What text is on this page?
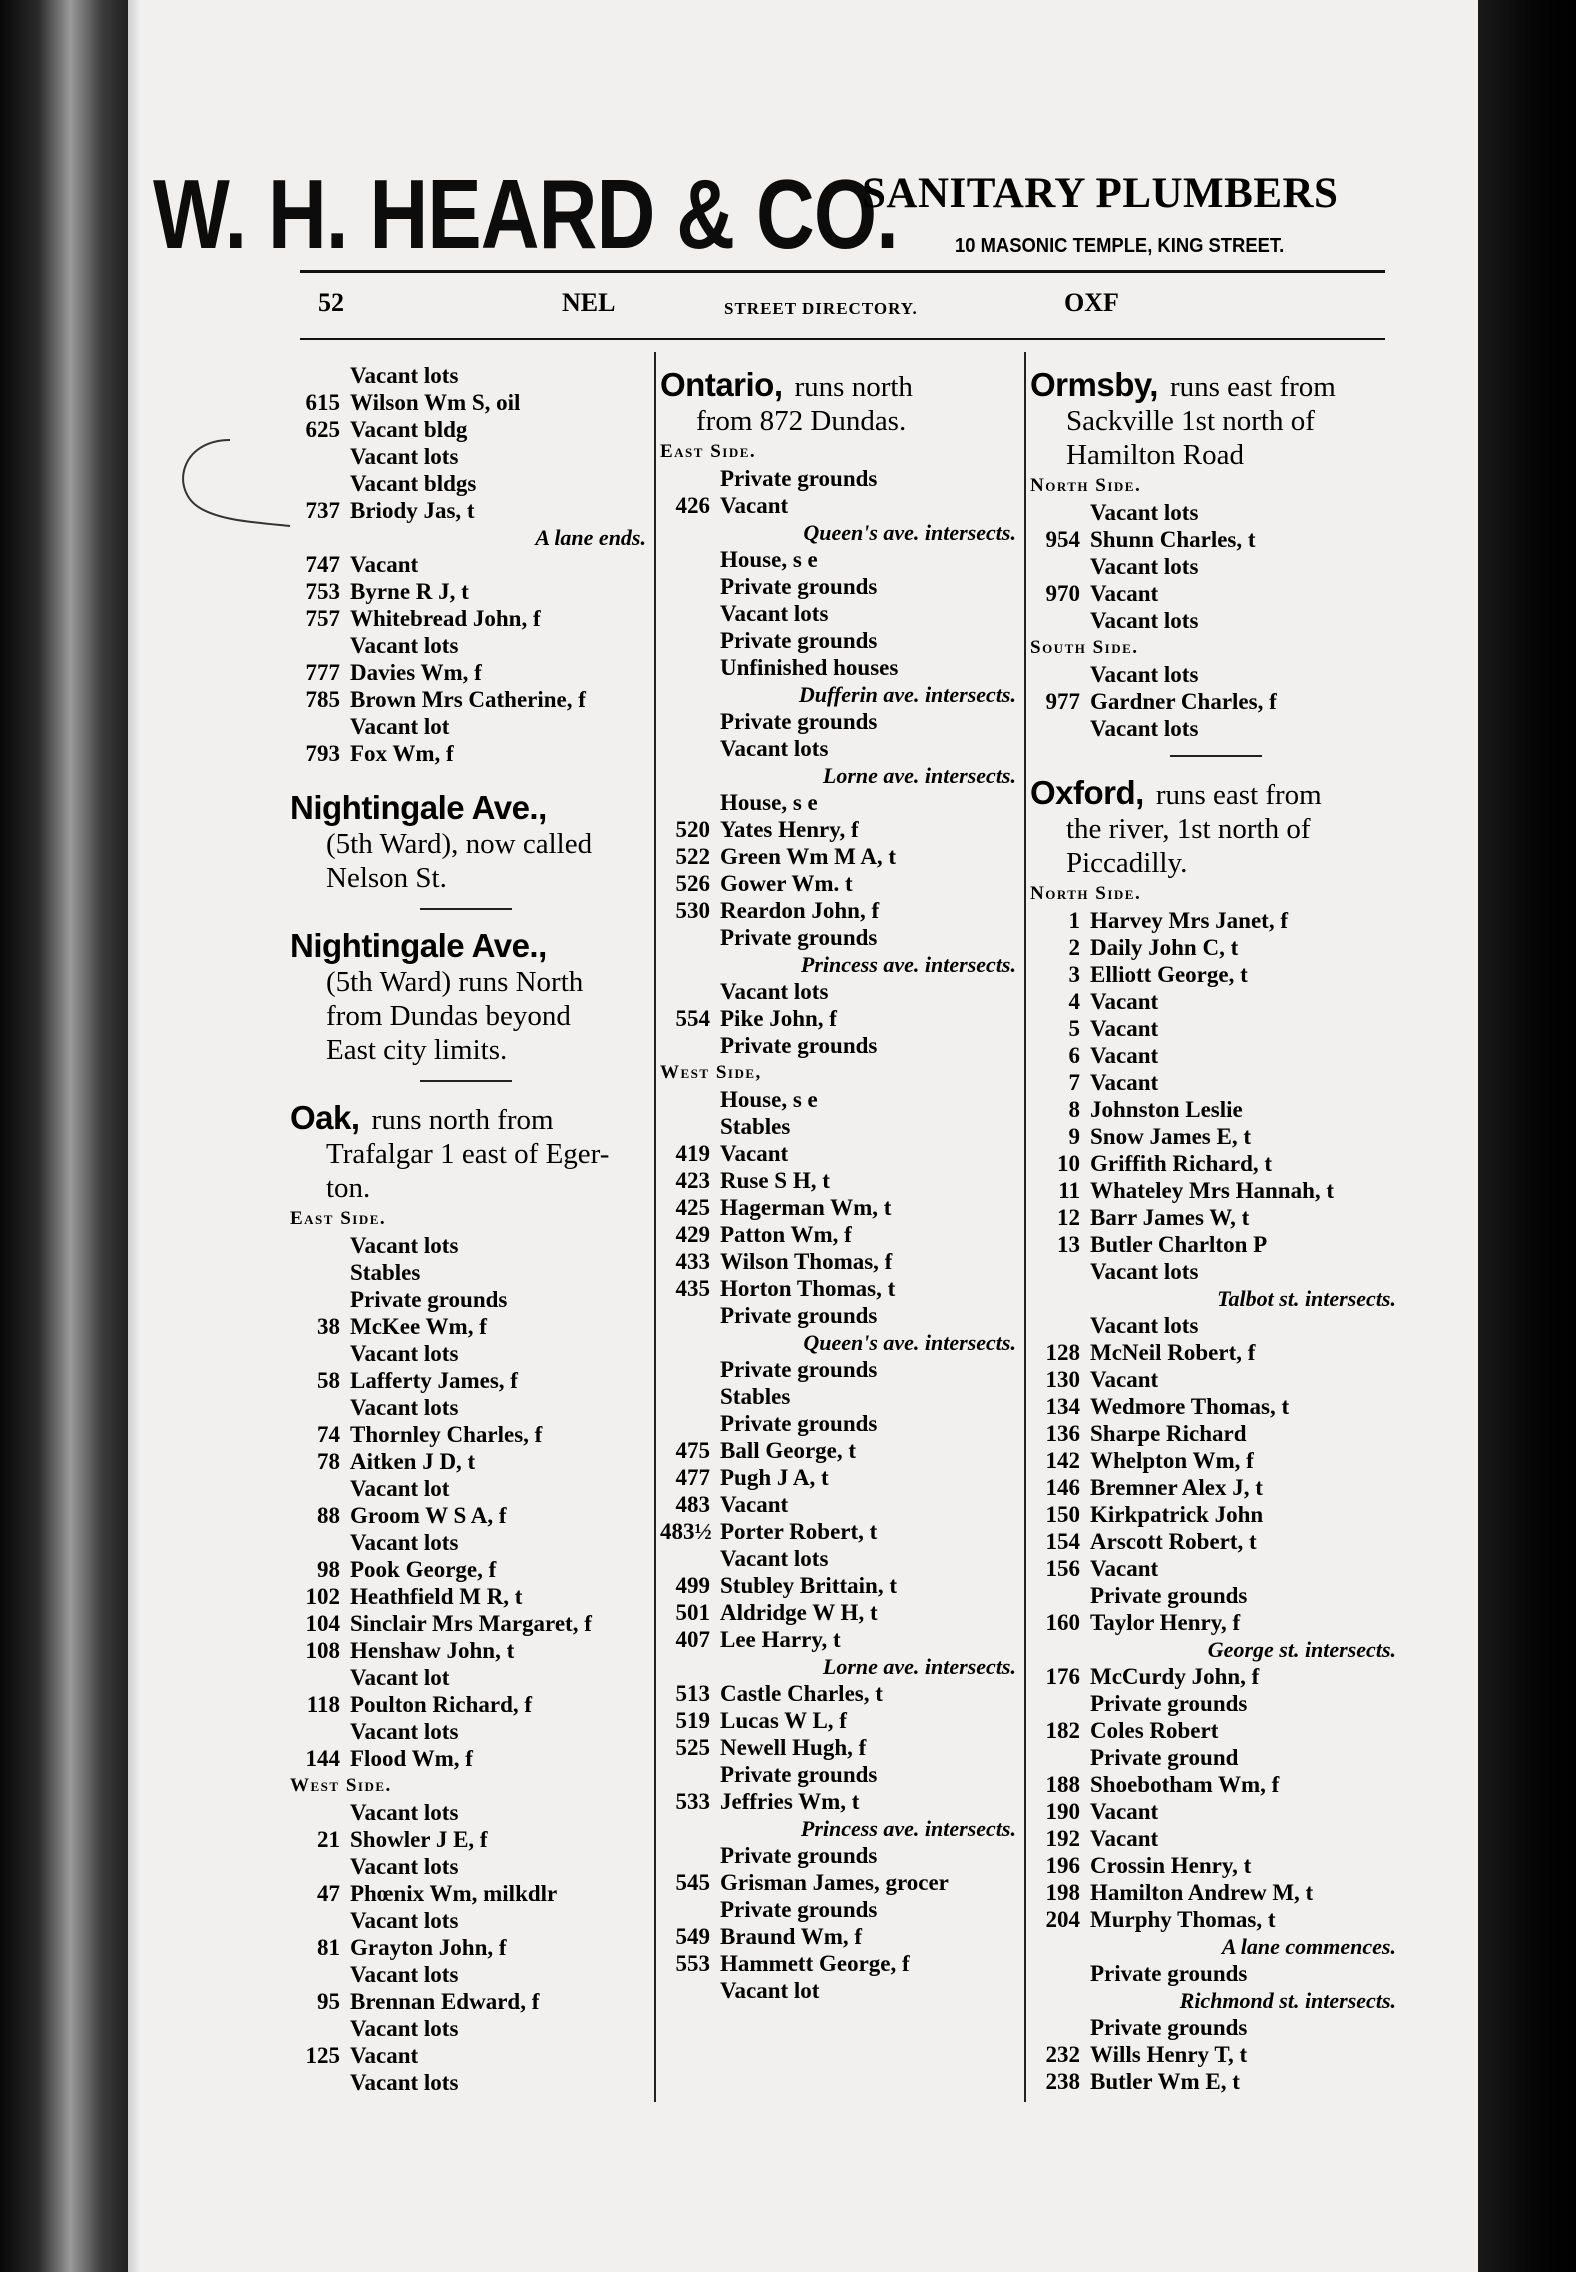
W. H. HEARD & CO.
SANITARY PLUMBERS
10 MASONIC TEMPLE, KING STREET.
52	NEL	STREET DIRECTORY.	OXF
Vacant lots
615 Wilson Wm S, oil
625 Vacant bldg
Vacant lots
Vacant bldgs
737 Briody Jas, t
A lane ends.
747 Vacant
753 Byrne R J, t
757 Whitebread John, f
Vacant lots
777 Davies Wm, f
785 Brown Mrs Catherine, f
Vacant lot
793 Fox Wm, f
Nightingale Ave.,
(5th Ward), now called
Nelson St.
Nightingale Ave.,
(5th Ward) runs North
from Dundas beyond
East city limits.
Oak, runs north from
Trafalgar 1 east of Eger-
ton.
East Side.
Vacant lots
Stables
Private grounds
38 McKee Wm, f
Vacant lots
58 Lafferty James, f
Vacant lots
74 Thornley Charles, f
78 Aitken J D, t
Vacant lot
88 Groom W S A, f
Vacant lots
98 Pook George, f
102 Heathfield M R, t
104 Sinclair Mrs Margaret, f
108 Henshaw John, t
Vacant lot
118 Poulton Richard, f
Vacant lots
144 Flood Wm, f
West Side.
Vacant lots
21 Showler J E, f
Vacant lots
47 Phœnix Wm, milkdlr
Vacant lots
81 Grayton John, f
Vacant lots
95 Brennan Edward, f
Vacant lots
125 Vacant
Vacant lots
Ontario, runs north
from 872 Dundas.
East Side.
Private grounds
426 Vacant
Queen's ave. intersects.
House, s e
Private grounds
Vacant lots
Private grounds
Unfinished houses
Dufferin ave. intersects.
Private grounds
Vacant lots
Lorne ave. intersects.
House, s e
520 Yates Henry, f
522 Green Wm M A, t
526 Gower Wm. t
530 Reardon John, f
Private grounds
Princess ave. intersects.
Vacant lots
554 Pike John, f
Private grounds
West Side,
House, s e
Stables
419 Vacant
423 Ruse S H, t
425 Hagerman Wm, t
429 Patton Wm, f
433 Wilson Thomas, f
435 Horton Thomas, t
Private grounds
Queen's ave. intersects.
Private grounds
Stables
Private grounds
475 Ball George, t
477 Pugh J A, t
483 Vacant
483½ Porter Robert, t
Vacant lots
499 Stubley Brittain, t
501 Aldridge W H, t
407 Lee Harry, t
Lorne ave. intersects.
513 Castle Charles, t
519 Lucas W L, f
525 Newell Hugh, f
Private grounds
533 Jeffries Wm, t
Princess ave. intersects.
Private grounds
545 Grisman James, grocer
Private grounds
549 Braund Wm, f
553 Hammett George, f
Vacant lot
Ormsby, runs east from
Sackville 1st north of
Hamilton Road
North Side.
Vacant lots
954 Shunn Charles, t
Vacant lots
970 Vacant
Vacant lots
South Side.
Vacant lots
977 Gardner Charles, f
Vacant lots
Oxford, runs east from
the river, 1st north of
Piccadilly.
North Side.
1 Harvey Mrs Janet, f
2 Daily John C, t
3 Elliott George, t
4 Vacant
5 Vacant
6 Vacant
7 Vacant
8 Johnston Leslie
9 Snow James E, t
10 Griffith Richard, t
11 Whateley Mrs Hannah, t
12 Barr James W, t
13 Butler Charlton P
Vacant lots
Talbot st. intersects.
Vacant lots
128 McNeil Robert, f
130 Vacant
134 Wedmore Thomas, t
136 Sharpe Richard
142 Whelpton Wm, f
146 Bremner Alex J, t
150 Kirkpatrick John
154 Arscott Robert, t
156 Vacant
Private grounds
160 Taylor Henry, f
George st. intersects.
176 McCurdy John, f
Private grounds
182 Coles Robert
Private ground
188 Shoebotham Wm, f
190 Vacant
192 Vacant
196 Crossin Henry, t
198 Hamilton Andrew M, t
204 Murphy Thomas, t
A lane commences.
Private grounds
Richmond st. intersects.
Private grounds
232 Wills Henry T, t
238 Butler Wm E, t
